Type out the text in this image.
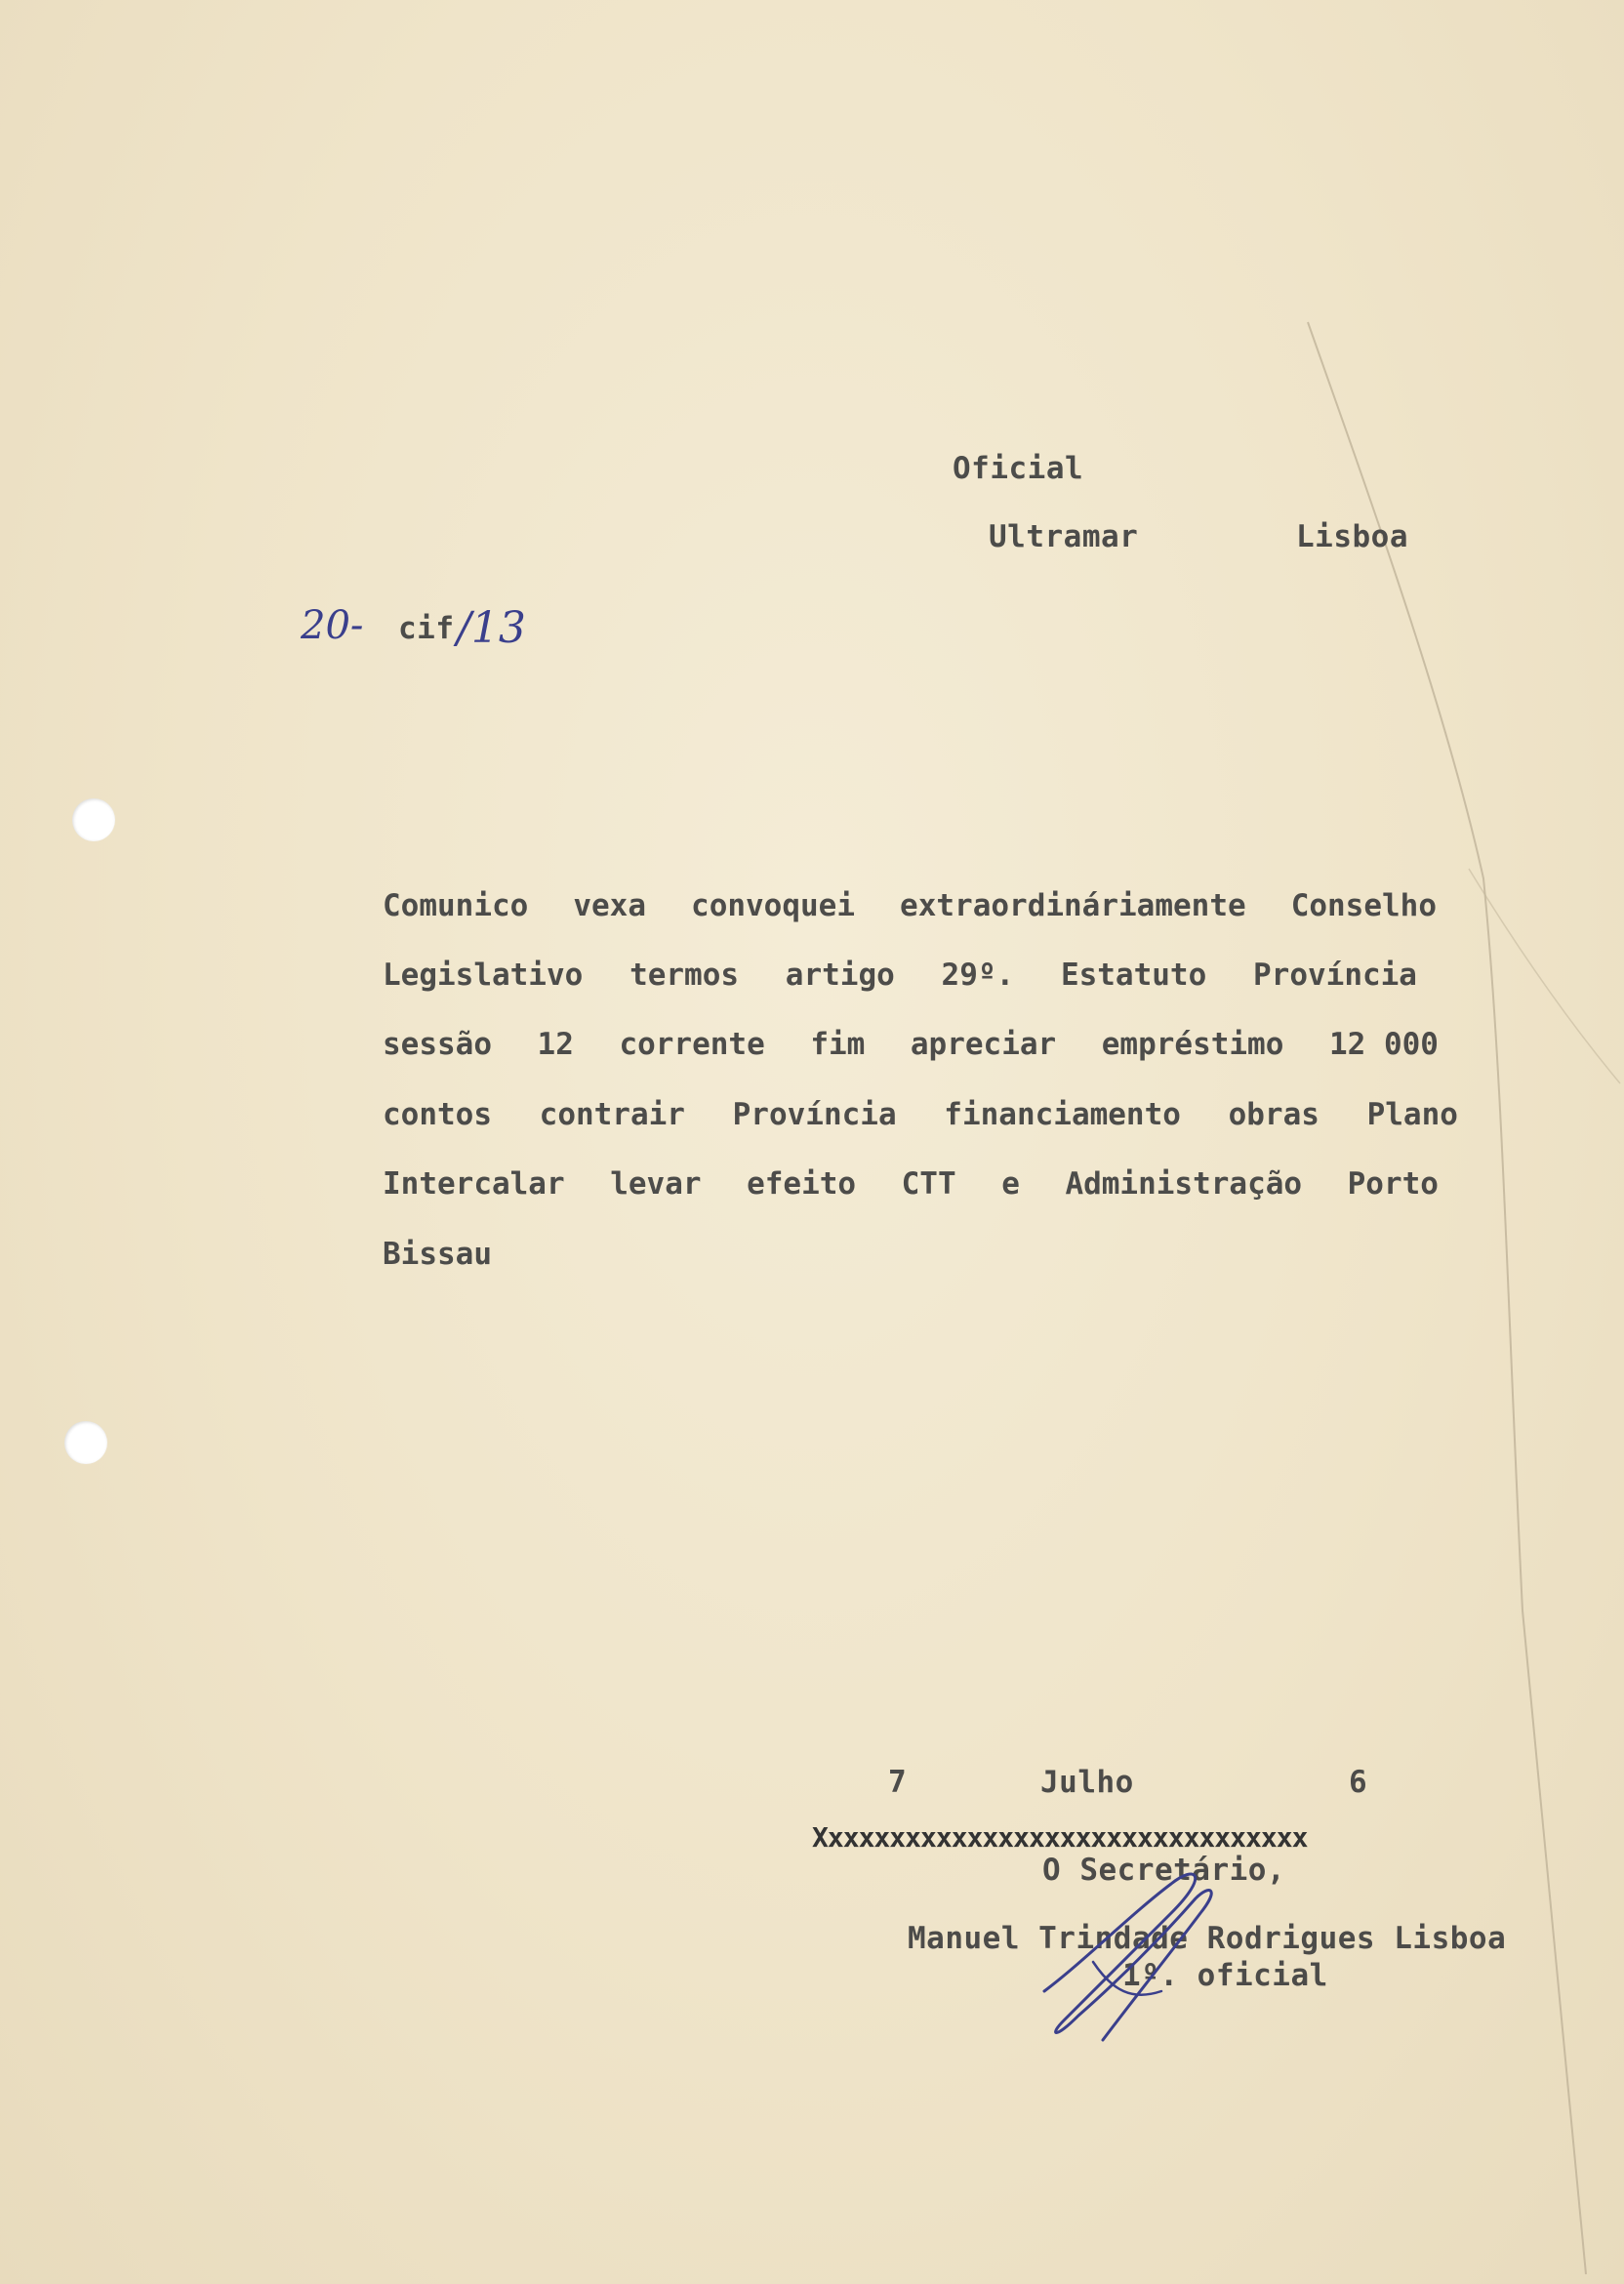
Oficial
Ultramar	Lisboa
20- cif /13
Comunico vexa convoquei extraordináriamente Conselho
Legislativo termos artigo 29º. Estatuto Província
sessão 12 corrente fim apreciar empréstimo 12 000
contos contrair Província financiamento obras Plano
Intercalar levar efeito CTT e Administração Porto
Bissau
7	Julho	6
Xxxxxxxxxxxxxxxxxxxxxxxxxxxxxxxx
O Secretário,
Manuel Trindade Rodrigues Lisboa
1º. oficial
